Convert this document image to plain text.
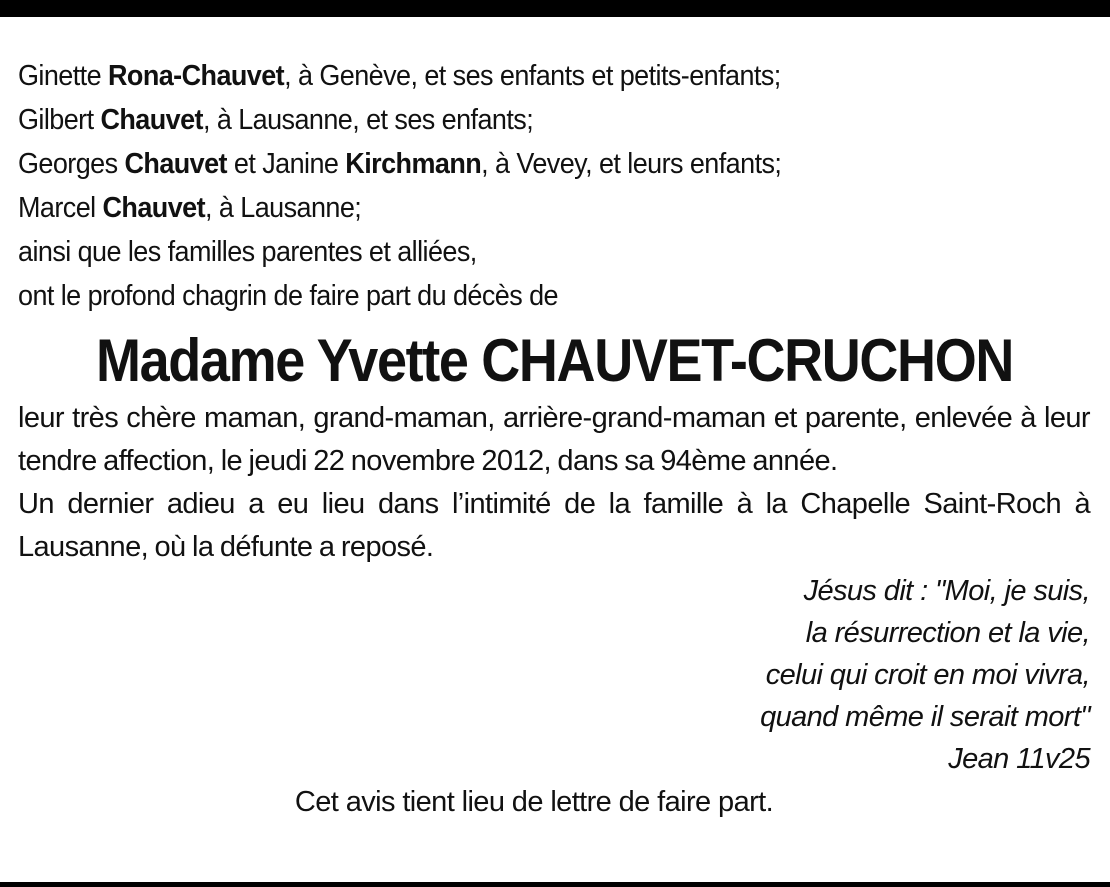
Ginette Rona-Chauvet, à Genève, et ses enfants et petits-enfants;
Gilbert Chauvet, à Lausanne, et ses enfants;
Georges Chauvet et Janine Kirchmann, à Vevey, et leurs enfants;
Marcel Chauvet, à Lausanne;
ainsi que les familles parentes et alliées,
ont le profond chagrin de faire part du décès de
Madame Yvette CHAUVET-CRUCHON
leur très chère maman, grand-maman, arrière-grand-maman et parente, enlevée à leur tendre affection, le jeudi 22 novembre 2012, dans sa 94ème année.
Un dernier adieu a eu lieu dans l’intimité de la famille à la Chapelle Saint-Roch à Lausanne, où la défunte a reposé.
Jésus dit : "Moi, je suis,
la résurrection et la vie,
celui qui croit en moi vivra,
quand même il serait mort"
Jean 11v25
Cet avis tient lieu de lettre de faire part.
